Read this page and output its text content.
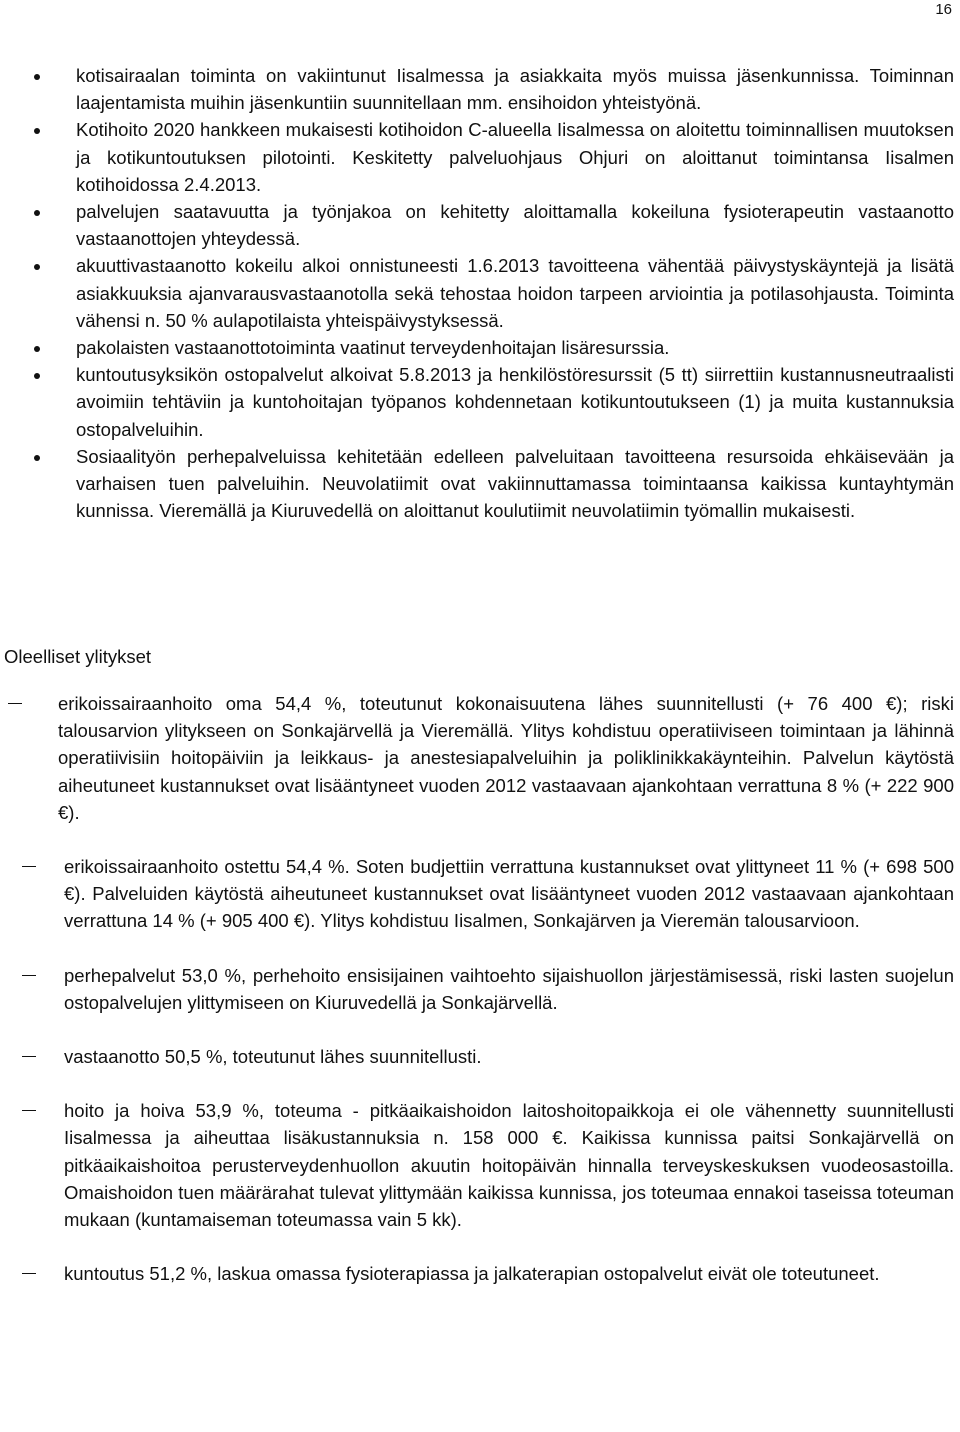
16
kotisairaalan toiminta on vakiintunut Iisalmessa ja asiakkaita myös muissa jäsenkunnissa. Toiminnan laajentamista muihin jäsenkuntiin suunnitellaan mm. ensihoidon yhteistyönä.
Kotihoito 2020 hankkeen mukaisesti kotihoidon C-alueella Iisalmessa on aloitettu toiminnallisen muutoksen ja kotikuntoutuksen pilotointi. Keskitetty palveluohjaus Ohjuri on aloittanut toimintansa Iisalmen kotihoidossa 2.4.2013.
palvelujen saatavuutta ja työnjakoa on kehitetty aloittamalla kokeiluna fysioterapeutin vastaanotto vastaanottojen yhteydessä.
akuuttivastaanotto kokeilu alkoi onnistuneesti 1.6.2013 tavoitteena vähentää päivystyskäyntejä ja lisätä asiakkuuksia ajanvarausvastaanotolla sekä tehostaa hoidon tarpeen arviointia ja potilasohjausta. Toiminta vähensi n. 50 % aulapotilaista yhteispäivystyksessä.
pakolaisten vastaanottotoiminta vaatinut terveydenhoitajan lisäresurssia.
kuntoutusyksikön ostopalvelut alkoivat 5.8.2013 ja henkilöstöresurssit (5 tt) siirrettiin kustannusneutraalisti avoimiin tehtäviin ja kuntohoitajan työpanos kohdennetaan kotikuntoutukseen (1) ja muita kustannuksia ostopalveluihin.
Sosiaalityön perhepalveluissa kehitetään edelleen palveluitaan tavoitteena resursoida ehkäisevään ja varhaisen tuen palveluihin. Neuvolatiimit ovat vakiinnuttamassa toimintaansa kaikissa kuntayhtymän kunnissa. Vieremällä ja Kiuruvedellä on aloittanut koulutiimit neuvolatiimin työmallin mukaisesti.
Oleelliset ylitykset
erikoissairaanhoito oma 54,4 %, toteutunut kokonaisuutena lähes suunnitellusti (+ 76 400 €); riski talousarvion ylitykseen on Sonkajärvellä ja Vieremällä. Ylitys kohdistuu operatiiviseen toimintaan ja lähinnä operatiivisiin hoitopäiviin ja leikkaus- ja anestesiapalveluihin ja poliklinikkakäynteihin. Palvelun käytöstä aiheutuneet kustannukset ovat lisääntyneet vuoden 2012 vastaavaan ajankohtaan verrattuna 8 % (+ 222 900 €).
erikoissairaanhoito ostettu 54,4 %. Soten budjettiin verrattuna kustannukset ovat ylittyneet 11 % (+ 698 500 €). Palveluiden käytöstä aiheutuneet kustannukset ovat lisääntyneet vuoden 2012 vastaavaan ajankohtaan verrattuna 14 % (+ 905 400 €). Ylitys kohdistuu Iisalmen, Sonkajärven ja Vieremän talousarvioon.
perhepalvelut 53,0 %, perhehoito ensisijainen vaihtoehto sijaishuollon järjestämisessä, riski lasten suojelun ostopalvelujen ylittymiseen on Kiuruvedellä ja Sonkajärvellä.
vastaanotto 50,5 %, toteutunut lähes suunnitellusti.
hoito ja hoiva 53,9 %, toteuma - pitkäaikaishoidon laitoshoitopaikkoja ei ole vähennetty suunnitellusti Iisalmessa ja aiheuttaa lisäkustannuksia n. 158 000 €. Kaikissa kunnissa paitsi Sonkajärvellä on pitkäaikaishoitoa perusterveydenhuollon akuutin hoitopäivän hinnalla terveyskeskuksen vuodeosastoilla. Omaishoidon tuen määrärahat tulevat ylittymään kaikissa kunnissa, jos toteumaa ennakoi taseissa toteuman mukaan (kuntamaiseman toteumassa vain 5 kk).
kuntoutus 51,2 %, laskua omassa fysioterapiassa ja jalkaterapian ostopalvelut eivät ole toteutuneet.
